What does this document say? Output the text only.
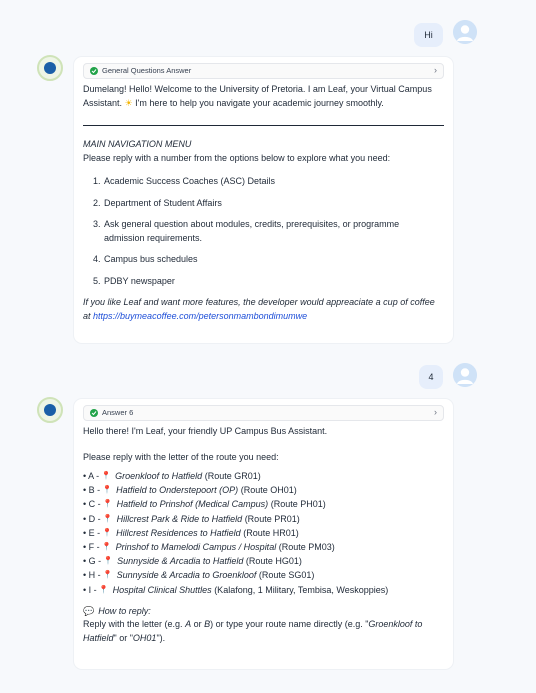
Hi
General Questions Answer	›

Dumelang! Hello! Welcome to the University of Pretoria. I am Leaf, your Virtual Campus Assistant. ☀ I'm here to help you navigate your academic journey smoothly.

MAIN NAVIGATION MENU

Please reply with a number from the options below to explore what you need:

1. Academic Success Coaches (ASC) Details
2. Department of Student Affairs
3. Ask general question about modules, credits, prerequisites, or programme admission requirements.
4. Campus bus schedules
5. PDBY newspaper

If you like Leaf and want more features, the developer would appreaciate a cup of coffee at https://buymeacoffee.com/petersonmambondimumwe

4
Answer 6	›

Hello there! I'm Leaf, your friendly UP Campus Bus Assistant.

Please reply with the letter of the route you need:

• A - 📍 Groenkloof to Hatfield
(Route GR01)
• B - 📍 Hatfield to Onderstepoort (OP)
(Route OH01)
• C - 📍 Hatfield to Prinshof (Medical Campus)
(Route PH01)
• D - 📍 Hillcrest Park & Ride to Hatfield
(Route PR01)
• E - 📍 Hillcrest Residences to Hatfield
(Route HR01)
• F - 📍 Prinshof to Mamelodi Campus / Hospital
(Route PM03)
• G - 📍 Sunnyside & Arcadia to Hatfield
(Route HG01)
• H - 📍 Sunnyside & Arcadia to Groenkloof
(Route SG01)
• I - 📍 Hospital Clinical Shuttles
(Kalafong, 1 Military, Tembisa, Weskoppies)

💬 How to reply:

Reply with the letter (e.g. A or B) or type your route name directly (e.g. "Groenkloof to Hatfield" or "OH01").
